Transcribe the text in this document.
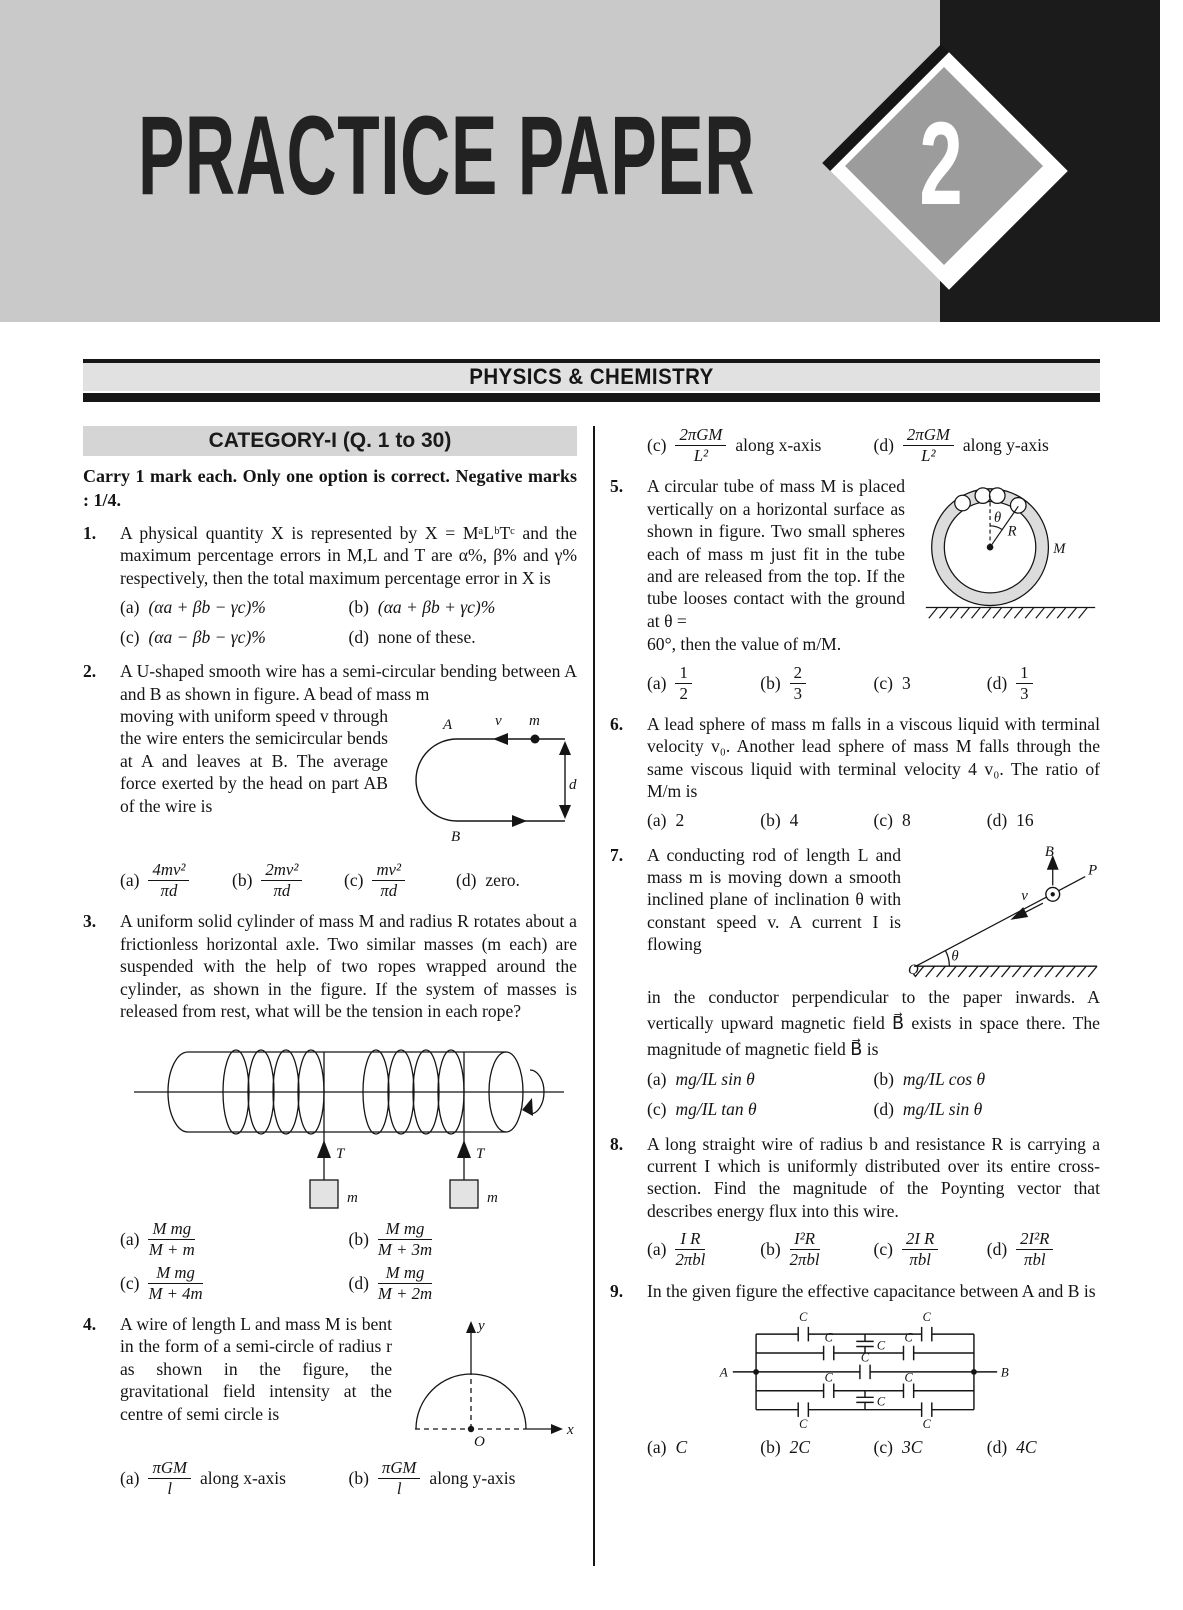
PRACTICE PAPER 2
PHYSICS & CHEMISTRY
CATEGORY-I (Q. 1 to 30)

Carry 1 mark each. Only one option is correct. Negative marks : 1/4.

1.	A physical quantity X is represented by X = MᵃLᵇTᶜ and the maximum percentage errors in M,L and T are α%, β% and γ% respectively, then the total maximum percentage error in X is

(a) (αa + βb − γc)%	(b) (αa + βb + γc)%
(c) (αa − βb − γc)%	(d) none of these.
2.	A U-shaped smooth wire has a semi-circular bending between A and B as shown in figure. A bead of mass m

moving with uniform speed v through the wire enters the semicircular bends at A and leaves at B. The average force exerted by the head on part AB of the wire is

A	v m
B
d
$(a) \frac{\text{4mv²}}{\pi d} (b) \frac{\text{2mv²}}{\pi d} (c) \frac{\text{mv²}}{\pi d}$	(d) zero.
3.	A uniform solid cylinder of mass M and radius R rotates about a frictionless horizontal axle. Two similar masses (m each) are suspended with the help of two ropes wrapped around the cylinder, as shown in the figure. If the system of masses is released from rest, what will be the tension in each rope?

T	T
m	m
$(a) \frac{\text{M mg}}{M + m}$	$(b) \frac{\text{M mg}}{M + 3m}$
$(c) \frac{\text{M mg}}{M + 4m}$	$(d) \frac{\text{M mg}}{M + 2m}$
4.	A wire of length L and mass M is bent in the form of a semi-circle of radius r as shown in the figure, the gravitational field intensity at the centre of semi circle is

x
y
O
$(a) \frac{\text{πGM}}{l}$ along x-axis	$(b) \frac{\text{πGM}}{l}$ along y-axis
$(c) \frac{\text{2πGM}}{\text{L²}}$ along x-axis	$(d) \frac{\text{2πGM}}{\text{L²}}$ along y-axis
5.	A circular tube of mass M is placed vertically on a horizontal surface as shown in figure. Two small spheres each of mass m just fit in the tube and are released from the top. If the tube looses contact with the ground at θ =

θ
R
M

60°, then the value of m/M.

$(a) \frac{1}{2}$	$(b) \frac{2}{3}$	(c) 3	$(d) \frac{1}{3}$
6.	A lead sphere of mass m falls in a viscous liquid with terminal velocity v₀. Another lead sphere of mass M falls through the same viscous liquid with terminal velocity 4 v₀. The ratio of M/m is

(a) 2	(b) 4	(c) 8	(d) 16
7.	A conducting rod of length L and mass m is moving down a smooth inclined plane of inclination θ with constant speed v. A current I is flowing

B⃗
P
Q
v
θ

in the conductor perpendicular to the paper inwards. A vertically upward magnetic field B⃗ exists in space there. The magnitude of magnetic field B⃗ is

(a) mg/IL sin θ	(b) mg/IL cos θ
(c) mg/IL tan θ	(d) mg/IL sin θ
8.	A long straight wire of radius b and resistance R is carrying a current I which is uniformly distributed over its entire cross-section. Find the magnitude of the Poynting vector that describes energy flux into this wire.

$(a) \frac{\text{I R}}{\text{2πbl}}$	$(b) \frac{\text{I²R}}{\text{2πbl}}$	$(c) \frac{\text{2I R}}{\text{πbl}}$	$(d) \frac{\text{2I²R}}{\text{πbl}}$
9.	In the given figure the effective capacitance between A and B is

A	B
C	C
C	C
C
C
C	C
C
C	C
(a) C	(b) 2C	(c) 3C	(d) 4C
